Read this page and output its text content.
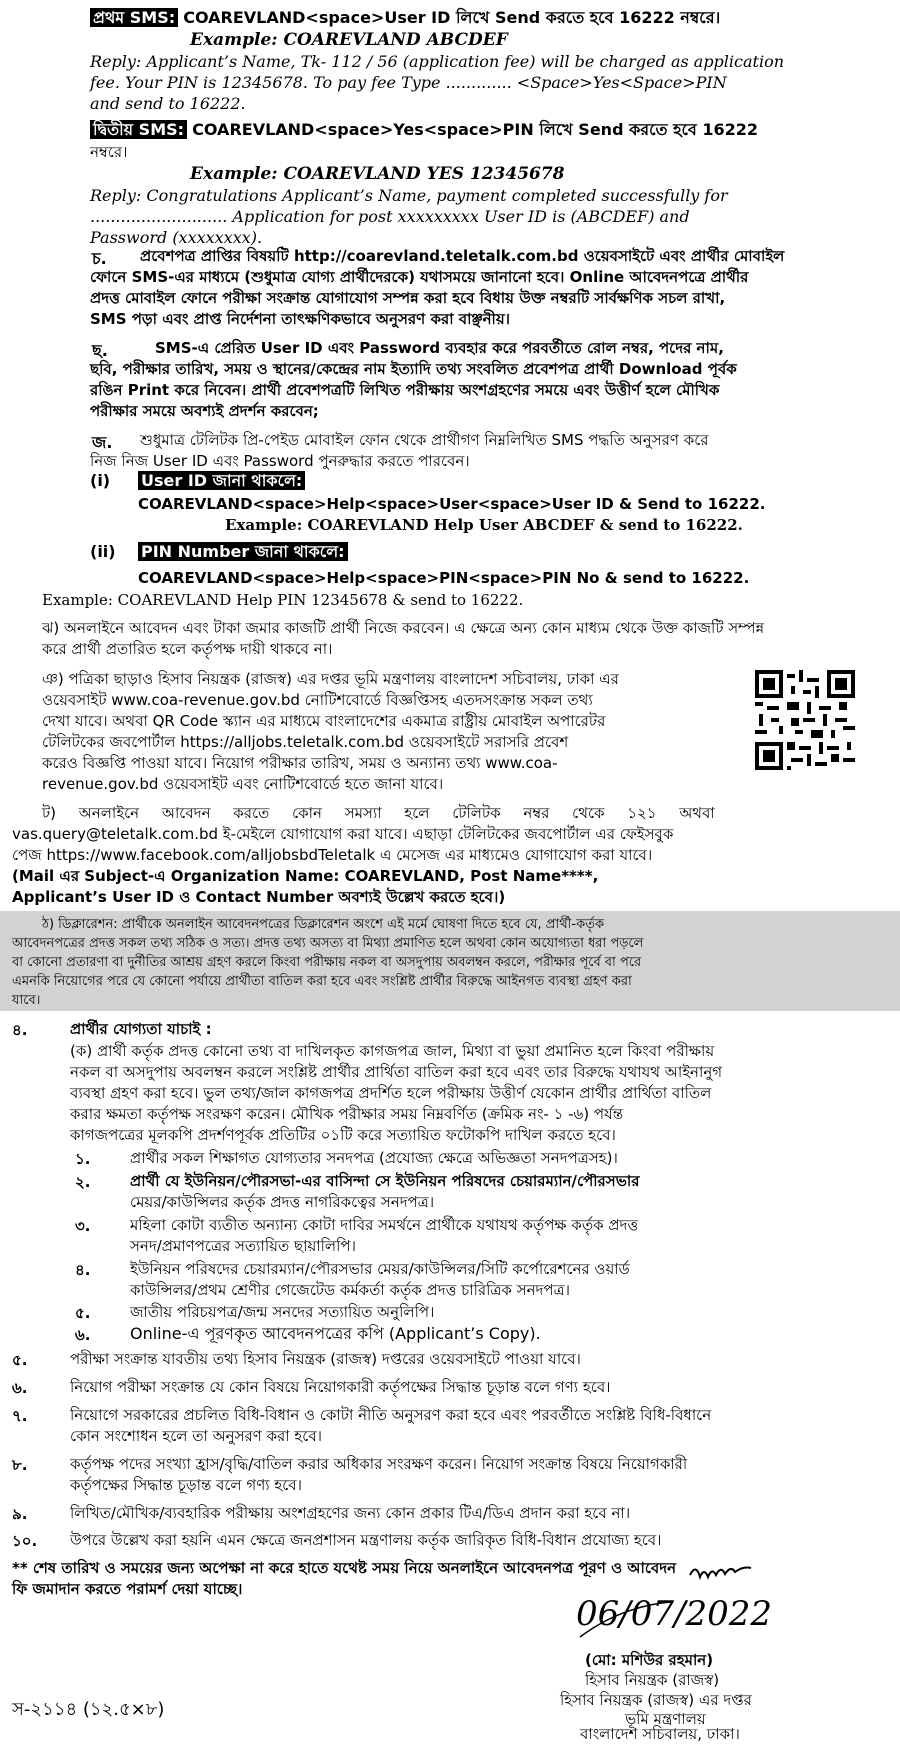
প্রথম SMS: COAREVLAND<space>User ID লিখে Send করতে হবে 16222 নম্বরে।
Example: COAREVLAND ABCDEF
Reply: Applicant’s Name, Tk- 112 / 56 (application fee) will be charged as application
fee. Your PIN is 12345678. To pay fee Type ............. <Space>Yes<Space>PIN
and send to 16222.
দ্বিতীয় SMS: COAREVLAND<space>Yes<space>PIN লিখে Send করতে হবে 16222
নম্বরে।
Example: COAREVLAND YES 12345678
Reply: Congratulations Applicant’s Name, payment completed successfully for
........................... Application for post xxxxxxxxx User ID is (ABCDEF) and
Password (xxxxxxxx).
চ. প্রবেশপত্র প্রাপ্তির বিষয়টি http://coarevland.teletalk.com.bd ওয়েবসাইটে এবং প্রার্থীর মোবাইল
ফোনে SMS-এর মাধ্যমে (শুধুমাত্র যোগ্য প্রার্থীদেরকে) যথাসময়ে জানানো হবে। Online আবেদনপত্রে প্রার্থীর
প্রদত্ত মোবাইল ফোনে পরীক্ষা সংক্রান্ত যোগাযোগ সম্পন্ন করা হবে বিধায় উক্ত নম্বরটি সার্বক্ষণিক সচল রাখা,
SMS পড়া এবং প্রাপ্ত নির্দেশনা তাৎক্ষণিকভাবে অনুসরণ করা বাঞ্ছনীয়।
ছ.	SMS-এ প্রেরিত User ID এবং Password ব্যবহার করে পরবর্তীতে রোল নম্বর, পদের নাম,
ছবি, পরীক্ষার তারিখ, সময় ও স্থানের/কেন্দ্রের নাম ইত্যাদি তথ্য সংবলিত প্রবেশপত্র প্রার্থী Download পূর্বক
রঙিন Print করে নিবেন। প্রার্থী প্রবেশপত্রটি লিখিত পরীক্ষায় অংশগ্রহণের সময়ে এবং উত্তীর্ণ হলে মৌখিক
পরীক্ষার সময়ে অবশ্যই প্রদর্শন করবেন;
জ. শুধুমাত্র টেলিটক প্রি-পেইড মোবাইল ফোন থেকে প্রার্থীগণ নিম্নলিখিত SMS পদ্ধতি অনুসরণ করে
নিজ নিজ User ID এবং Password পুনরুদ্ধার করতে পারবেন।
(i) User ID জানা থাকলে:
COAREVLAND<space>Help<space>User<space>User ID & Send to 16222.
Example: COAREVLAND Help User ABCDEF & send to 16222.
(ii) PIN Number জানা থাকলে:
COAREVLAND<space>Help<space>PIN<space>PIN No & send to 16222.
Example: COAREVLAND Help PIN 12345678 & send to 16222.
ঝ) অনলাইনে আবেদন এবং টাকা জমার কাজটি প্রার্থী নিজে করবেন। এ ক্ষেত্রে অন্য কোন মাধ্যম থেকে উক্ত কাজটি সম্পন্ন
করে প্রার্থী প্রতারিত হলে কর্তৃপক্ষ দায়ী থাকবে না।
ঞ) পত্রিকা ছাড়াও হিসাব নিয়ন্ত্রক (রাজস্ব) এর দপ্তর ভূমি মন্ত্রণালয় বাংলাদেশ সচিবালয়, ঢাকা এর
ওয়েবসাইট www.coa-revenue.gov.bd নোটিশবোর্ডে বিজ্ঞপ্তিসহ এতদসংক্রান্ত সকল তথ্য
দেখা যাবে। অথবা QR Code স্ক্যান এর মাধ্যমে বাংলাদেশের একমাত্র রাষ্ট্রীয় মোবাইল অপারেটর
টেলিটকের জবপোর্টাল https://alljobs.teletalk.com.bd ওয়েবসাইটে সরাসরি প্রবেশ
করেও বিজ্ঞপ্তি পাওয়া যাবে। নিয়োগ পরীক্ষার তারিখ, সময় ও অন্যান্য তথ্য www.coa-
revenue.gov.bd ওয়েবসাইট এবং নোটিশবোর্ডে হতে জানা যাবে।
ট) অনলাইনে আবেদন করতে কোন সমস্যা হলে টেলিটক নম্বর থেকে ১২১ অথবা
vas.query@teletalk.com.bd ই-মেইলে যোগাযোগ করা যাবে। এছাড়া টেলিটকের জবপোর্টাল এর ফেইসবুক
পেজ https://www.facebook.com/alljobsbdTeletalk এ মেসেজ এর মাধ্যমেও যোগাযোগ করা যাবে।
(Mail এর Subject-এ Organization Name: COAREVLAND, Post Name****,
Applicant’s User ID ও Contact Number অবশ্যই উল্লেখ করতে হবে।)
ঠ) ডিক্লারেশন: প্রার্থীকে অনলাইন আবেদনপত্রের ডিক্লারেশন অংশে এই মর্মে ঘোষণা দিতে হবে যে, প্রার্থী-কর্তৃক
আবেদনপত্রের প্রদত্ত সকল তথ্য সঠিক ও সত্য। প্রদত্ত তথ্য অসত্য বা মিথ্যা প্রমাণিত হলে অথবা কোন অযোগ্যতা ধরা পড়লে
বা কোনো প্রতারণা বা দুর্নীতির আশ্রয় গ্রহণ করলে কিংবা পরীক্ষায় নকল বা অসদুপায় অবলম্বন করলে, পরীক্ষার পূর্বে বা পরে
এমনকি নিয়োগের পরে যে কোনো পর্যায়ে প্রার্থীতা বাতিল করা হবে এবং সংশ্লিষ্ট প্রার্থীর বিরুদ্ধে আইনগত ব্যবস্থা গ্রহণ করা
যাবে।
৪.	প্রার্থীর যোগ্যতা যাচাই :
(ক) প্রার্থী কর্তৃক প্রদত্ত কোনো তথ্য বা দাখিলকৃত কাগজপত্র জাল, মিথ্যা বা ভুয়া প্রমানিত হলে কিংবা পরীক্ষায়
নকল বা অসদুপায় অবলম্বন করলে সংশ্লিষ্ট প্রার্থীর প্রার্থিতা বাতিল করা হবে এবং তার বিরুদ্ধে যথাযথ আইনানুগ
ব্যবস্থা গ্রহণ করা হবে। ভুল তথ্য/জাল কাগজপত্র প্রদর্শিত হলে পরীক্ষায় উত্তীর্ণ যেকোন প্রার্থীর প্রার্থিতা বাতিল
করার ক্ষমতা কর্তৃপক্ষ সংরক্ষণ করেন। মৌখিক পরীক্ষার সময় নিম্নবর্ণিত (ক্রমিক নং- ১ -৬) পর্যন্ত
কাগজপত্রের মূলকপি প্রদর্শণপূর্বক প্রতিটির ০১টি করে সত্যায়িত ফটোকপি দাখিল করতে হবে।
১.	প্রার্থীর সকল শিক্ষাগত যোগ্যতার সনদপত্র (প্রযোজ্য ক্ষেত্রে অভিজ্ঞতা সনদপত্রসহ)।
২.	প্রার্থী যে ইউনিয়ন/পৌরসভা-এর বাসিন্দা সে ইউনিয়ন পরিষদের চেয়ারম্যান/পৌরসভার
মেয়র/কাউন্সিলর কর্তৃক প্রদত্ত নাগরিকত্বের সনদপত্র।
৩.	মহিলা কোটা ব্যতীত অন্যান্য কোটা দাবির সমর্থনে প্রার্থীকে যথাযথ কর্তৃপক্ষ কর্তৃক প্রদত্ত
সনদ/প্রমাণপত্রের সত্যায়িত ছায়ালিপি।
৪.	ইউনিয়ন পরিষদের চেয়ারম্যান/পৌরসভার মেয়র/কাউন্সিলর/সিটি কর্পোরেশনের ওয়ার্ড
কাউন্সিলর/প্রথম শ্রেণীর গেজেটেড কর্মকর্তা কর্তৃক প্রদত্ত চারিত্রিক সনদপত্র।
৫.	জাতীয় পরিচয়পত্র/জন্ম সনদের সত্যায়িত অনুলিপি।
৬. Online-এ পূরণকৃত আবেদনপত্রের কপি (Applicant’s Copy).
৫.	পরীক্ষা সংক্রান্ত যাবতীয় তথ্য হিসাব নিয়ন্ত্রক (রাজস্ব) দপ্তরের ওয়েবসাইটে পাওয়া যাবে।
৬.	নিয়োগ পরীক্ষা সংক্রান্ত যে কোন বিষয়ে নিয়োগকারী কর্তৃপক্ষের সিদ্ধান্ত চূড়ান্ত বলে গণ্য হবে।
৭.	নিয়োগে সরকারের প্রচলিত বিধি-বিধান ও কোটা নীতি অনুসরণ করা হবে এবং পরবর্তীতে সংশ্লিষ্ট বিধি-বিধানে
কোন সংশোধন হলে তা অনুসরণ করা হবে।
৮.	কর্তৃপক্ষ পদের সংখ্যা হ্রাস/বৃদ্ধি/বাতিল করার অধিকার সংরক্ষণ করেন। নিয়োগ সংক্রান্ত বিষয়ে নিয়োগকারী
কর্তৃপক্ষের সিদ্ধান্ত চূড়ান্ত বলে গণ্য হবে।
৯.	লিখিত/মৌখিক/ব্যবহারিক পরীক্ষায় অংশগ্রহণের জন্য কোন প্রকার টিএ/ডিএ প্রদান করা হবে না।
১০. উপরে উল্লেখ করা হয়নি এমন ক্ষেত্রে জনপ্রশাসন মন্ত্রণালয় কর্তৃক জারিকৃত বিধি-বিধান প্রযোজ্য হবে।
** শেষ তারিখ ও সময়ের জন্য অপেক্ষা না করে হাতে যথেষ্ট সময় নিয়ে অনলাইনে আবেদনপত্র পূরণ ও আবেদন
ফি জমাদান করতে পরামর্শ দেয়া যাচ্ছে।
06/07/2022
(মো: মশিউর রহমান)
হিসাব নিয়ন্ত্রক (রাজস্ব)
হিসাব নিয়ন্ত্রক (রাজস্ব) এর দপ্তর
ভূমি মন্ত্রণালয়
বাংলাদেশ সচিবালয়, ঢাকা।
স-২১১৪ (১২.৫×৮)
